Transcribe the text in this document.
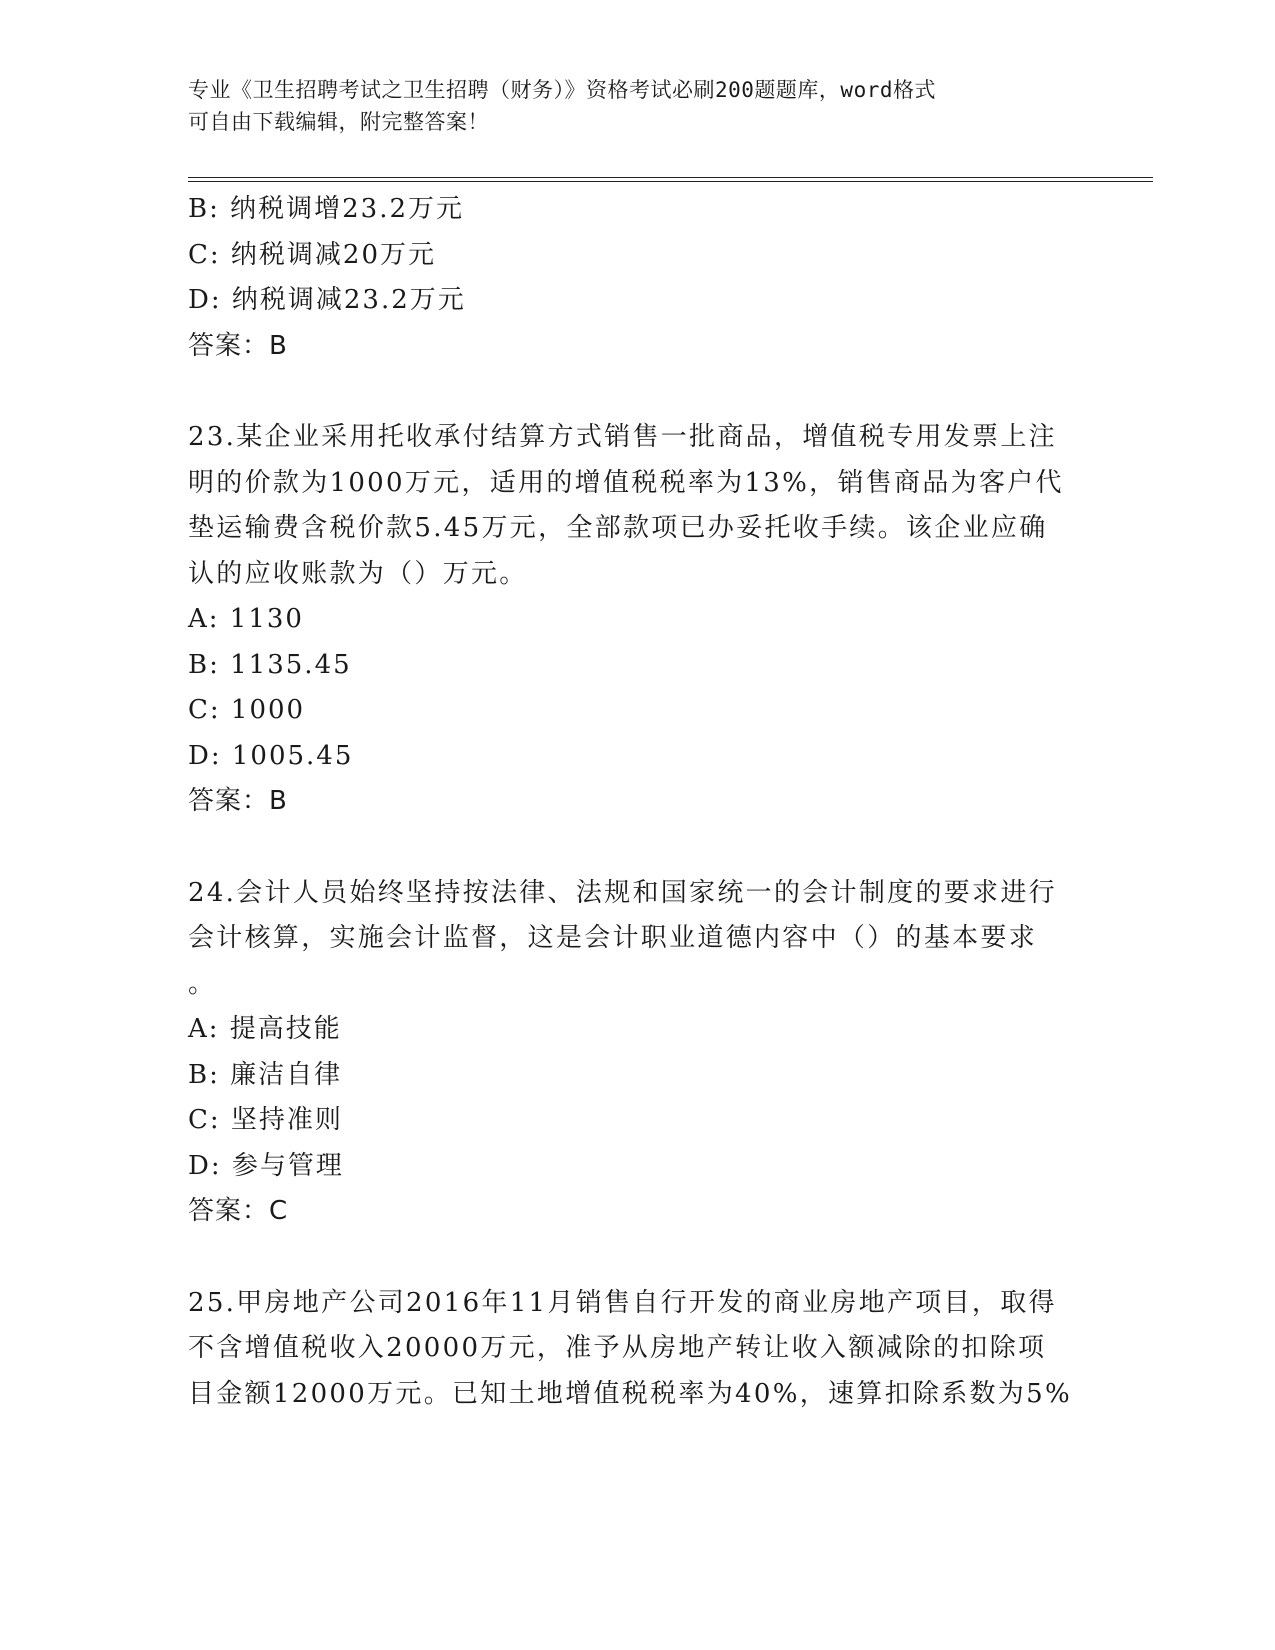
专业《卫生招聘考试之卫生招聘（财务）》资格考试必刷200题题库，word格式
可自由下载编辑，附完整答案！
B: 纳税调增23.2万元
C: 纳税调减20万元
D: 纳税调减23.2万元
答案：B
23.某企业采用托收承付结算方式销售一批商品，增值税专用发票上注
明的价款为1000万元，适用的增值税税率为13%，销售商品为客户代
垫运输费含税价款5.45万元，全部款项已办妥托收手续。该企业应确
认的应收账款为（）万元。
A: 1130
B: 1135.45
C: 1000
D: 1005.45
答案：B
24.会计人员始终坚持按法律、法规和国家统一的会计制度的要求进行
会计核算，实施会计监督，这是会计职业道德内容中（）的基本要求
。
A: 提高技能
B: 廉洁自律
C: 坚持准则
D: 参与管理
答案：C
25.甲房地产公司2016年11月销售自行开发的商业房地产项目，取得
不含增值税收入20000万元，准予从房地产转让收入额减除的扣除项
目金额12000万元。已知土地增值税税率为40%，速算扣除系数为5%
